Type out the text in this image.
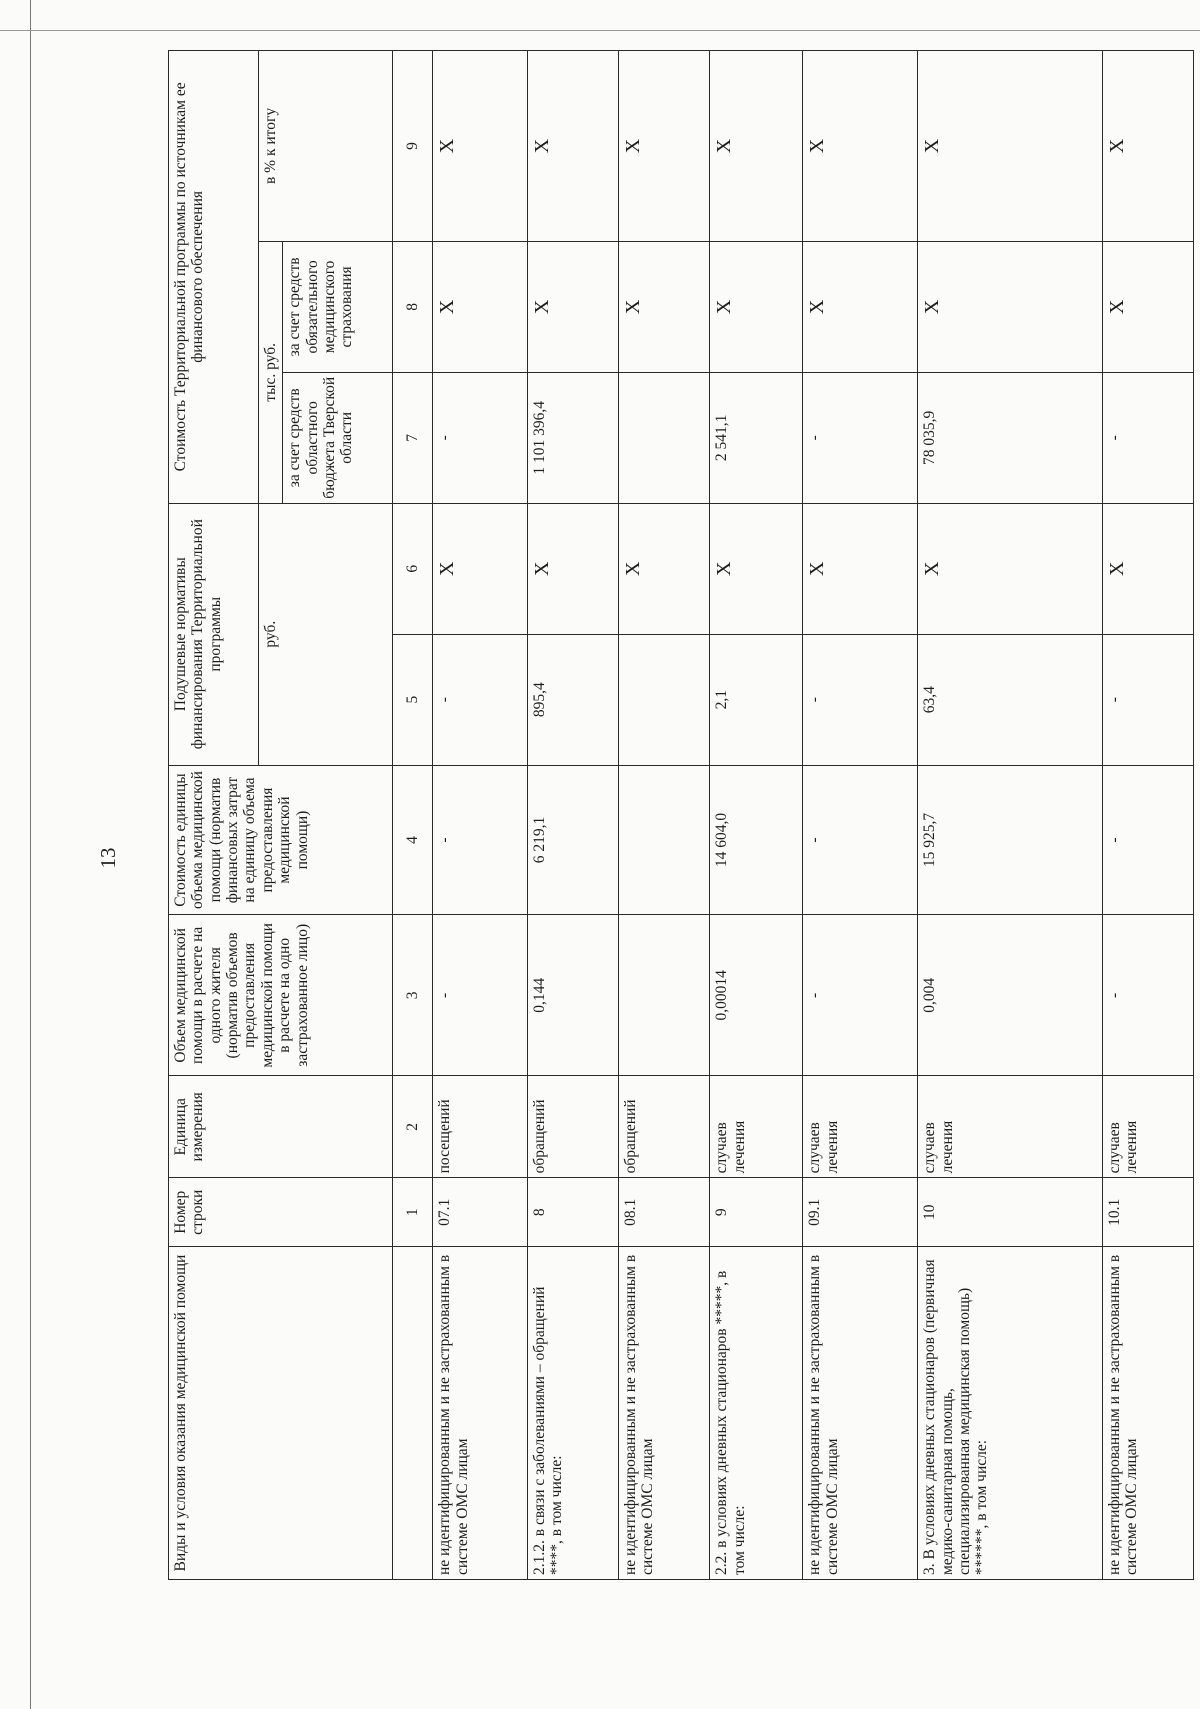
13
Виды и условия оказания медицинской помощи	Номер строки	Единица измерения	Объем медицинской помощи в расчете на одного жителя (норматив объемов предоставления медицинской помощи в расчете на одно застрахованное лицо)	Стоимость единицы объема медицинской помощи (норматив финансовых затрат на единицу объема предоставления медицинской помощи)	Подушевые нормативы финансирования Территориальной программы		Стоимость Территориальной программы по источникам ее финансового обеспечения		
					руб.		тыс. руб.		в % к итогу
							за счет средств областного бюджета Тверской области	за счет средств обязательного медицинского страхования	
	1	2	3	4	5	6	7	8	9
не идентифицированным и не застрахованным в системе ОМС лицам	07.1	посещений	-	-	-	X	-	X	X
2.1.2. в связи с заболеваниями – обращений ****, в том числе:	8	обращений	0,144	6 219,1	895,4	X	1 101 396,4	X	X
не идентифицированным и не застрахованным в системе ОМС лицам	08.1	обращений				X		X	X
2.2. в условиях дневных стационаров *****, в том числе:	9	случаев лечения	0,00014	14 604,0	2,1	X	2 541,1	X	X
не идентифицированным и не застрахованным в системе ОМС лицам	09.1	случаев лечения	-	-	-	X	-	X	X
3. В условиях дневных стационаров (первичная медико-санитарная помощь, специализированная медицинская помощь) ******, в том числе:	10	случаев лечения	0,004	15 925,7	63,4	X	78 035,9	X	X
не идентифицированным и не застрахованным в системе ОМС лицам	10.1	случаев лечения	-	-	-	X	-	X	X
